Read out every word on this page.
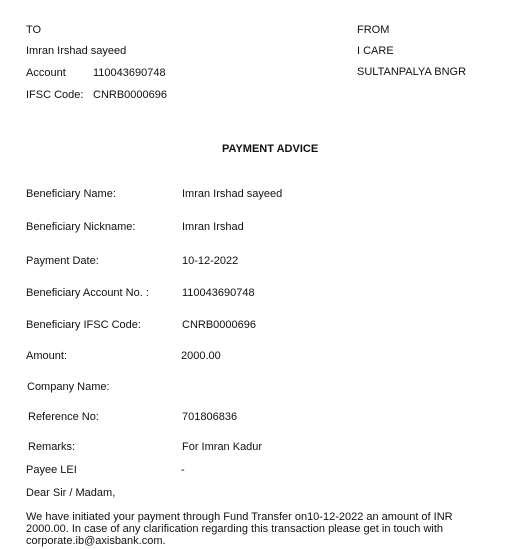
TO
Imran Irshad sayeed
Account 110043690748
IFSC Code: CNRB0000696
FROM
I CARE
SULTANPALYA BNGR
PAYMENT ADVICE
Beneficiary Name:	Imran Irshad sayeed
Beneficiary Nickname:	Imran Irshad
Payment Date:	10-12-2022
Beneficiary Account No. :	110043690748
Beneficiary IFSC Code:	CNRB0000696
Amount:	2000.00
Company Name:
Reference No:	701806836
Remarks:	For Imran Kadur
Payee LEI	-
Dear Sir / Madam,
We have initiated your payment through Fund Transfer on10-12-2022 an amount of INR 2000.00. In case of any clarification regarding this transaction please get in touch with corporate.ib@axisbank.com.
